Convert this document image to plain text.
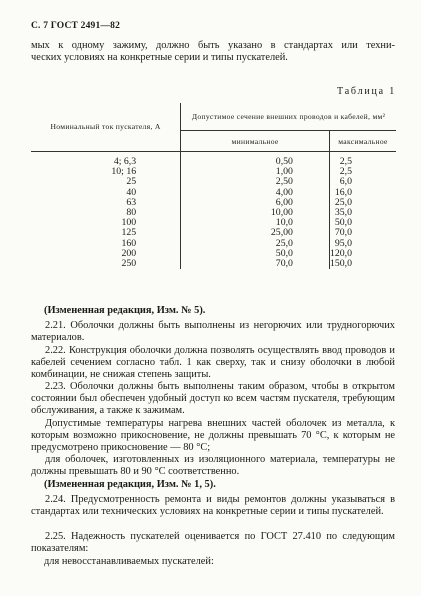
С. 7 ГОСТ 2491—82
мых к одному зажиму, должно быть указано в стандартах или техни-
ческих условиях на конкретные серии и типы пускателей.
Таблица 1
Номинальный ток пускателя, А	Допустимое сечение внешних проводов и кабелей, мм²	
	минимальное	максимальное
4; 6,3	0,50	2,5
10; 16	1,00	2,5
25	2,50	6,0
40	4,00	16,0
63	6,00	25,0
80	10,00	35,0
100	10,0	50,0
125	25,00	70,0
160	25,0	95,0
200	50,0	120,0
250	70,0	150,0
(Измененная редакция, Изм. № 5).
2.21. Оболочки должны быть выполнены из негорючих или трудногорючих материалов.
2.22. Конструкция оболочки должна позволять осуществлять ввод проводов и кабелей сечением согласно табл. 1 как сверху, так и снизу оболочки в любой комбинации, не снижая степень защиты.
2.23. Оболочки должны быть выполнены таким образом, чтобы в открытом состоянии был обеспечен удобный доступ ко всем частям пускателя, требующим обслуживания, а также к зажимам.
Допустимые температуры нагрева внешних частей оболочек из металла, к которым возможно прикосновение, не должны превышать 70 °С, к которым не предусмотрено прикосновение — 80 °С;
для оболочек, изготовленных из изоляционного материала, температуры не должны превышать 80 и 90 °С соответственно.
(Измененная редакция, Изм. № 1, 5).
2.24. Предусмотренность ремонта и виды ремонтов должны указываться в стандартах или технических условиях на конкретные серии и типы пускателей.
2.25. Надежность пускателей оценивается по ГОСТ 27.410 по следующим показателям:
для невосстанавливаемых пускателей:
